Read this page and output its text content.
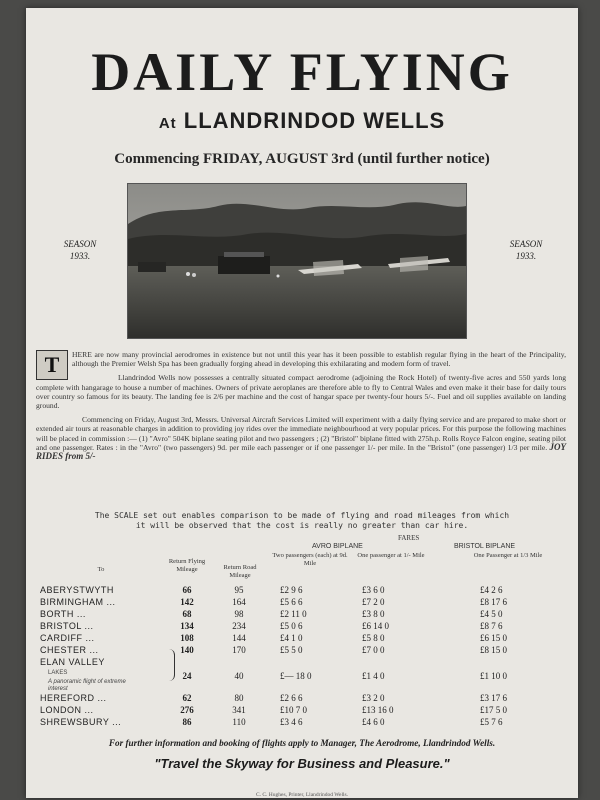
DAILY FLYING
At LLANDRINDOD WELLS
Commencing FRIDAY, AUGUST 3rd (until further notice)
SEASON
1933.
SEASON
1933.

T	HERE are now many provincial aerodromes in existence but not until this year has it been possible to establish regular flying in the heart of the Principality, although the Premier Welsh Spa has been gradually forging ahead in developing this exhilarating and modern form of travel.

Llandrindod Wells now possesses a centrally situated compact aerodrome (adjoining the Rock Hotel) of twenty-five acres and 550 yards long complete with hangarage to house a number of machines. Owners of private aeroplanes are therefore able to fly to Central Wales and even make it their base for daily tours over country so famous for its beauty. The landing fee is 2/6 per machine and the cost of hangar space per twenty-four hours 5/-. Fuel and oil supplies available on landing ground.

Commencing on Friday, August 3rd, Messrs. Universal Aircraft Services Limited will experiment with a daily flying service and are prepared to make short or extended air tours at reasonable charges in addition to providing joy rides over the immediate neighbourhood at very popular prices. For this purpose the following machines will be placed in commission :— (1) "Avro" 504K biplane seating pilot and two passengers ; (2) "Bristol" biplane fitted with 275h.p. Rolls Royce Falcon engine, seating pilot and one passenger. Rates : in the "Avro" (two passengers) 9d. per mile each passenger or if one passenger 1/- per mile. In the "Bristol" (one passenger) 1/3 per mile. JOY RIDES from 5/-

The SCALE set out enables comparison to be made of flying and road mileages from which
it will be observed that the cost is really no greater than car hire.
FARES
AVRO BIPLANE	BRISTOL BIPLANE
To
Return Flying Mileage	Return Road Mileage
Two passengers (each) at 9d. Mile
One passenger at 1/- Mile	One Passenger at 1/3 Mile
ABERYSTWYTH	66	95	£2 9 6	£3 6 0	£4 2 6
BIRMINGHAM ...	142	164	£5 6 6	£7 2 0	£8 17 6
BORTH ...	68	98	£2 11 0	£3 8 0	£4 5 0
BRISTOL ...	134	234	£5 0 6	£6 14 0	£8 7 6
CARDIFF ...	108	144	£4 1 0	£5 8 0	£6 15 0
CHESTER ...	140	170	£5 5 0	£7 0 0	£8 15 0
ELAN VALLEY
LAKES
A panoramic flight of extreme interest
24	40	£— 18 0	£1 4 0	£1 10 0
HEREFORD ...	62	80	£2 6 6	£3 2 0	£3 17 6
LONDON ...	276	341	£10 7 0	£13 16 0	£17 5 0
SHREWSBURY ...	86	110	£3 4 6	£4 6 0	£5 7 6
For further information and booking of flights apply to Manager, The Aerodrome, Llandrindod Wells.
"Travel the Skyway for Business and Pleasure."
C. C. Hughes, Printer, Llandrindod Wells.
